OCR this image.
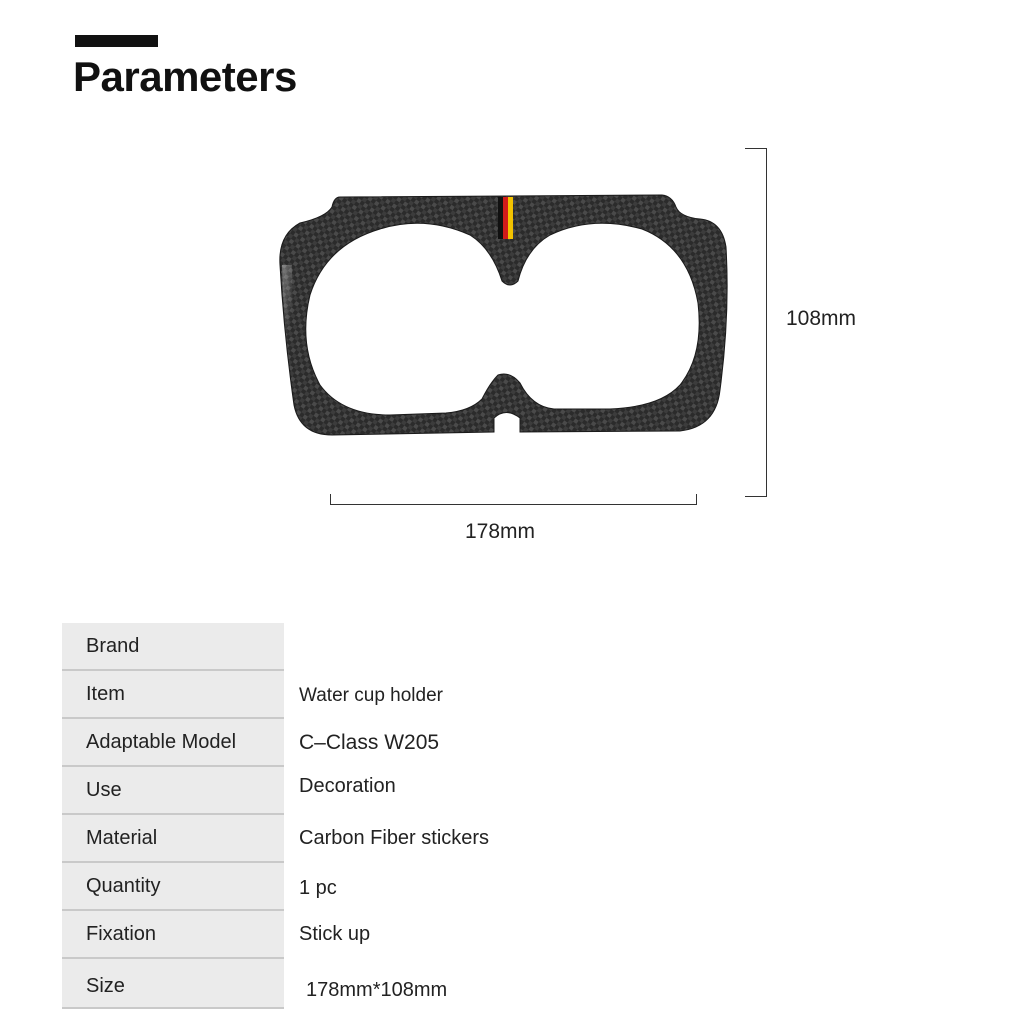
Parameters
108mm
178mm
Brand
Item	Water cup holder
Adaptable Model	C–Class W205
Use	Decoration
Material	Carbon Fiber stickers
Quantity	1 pc
Fixation	Stick up
Size	178mm*108mm
